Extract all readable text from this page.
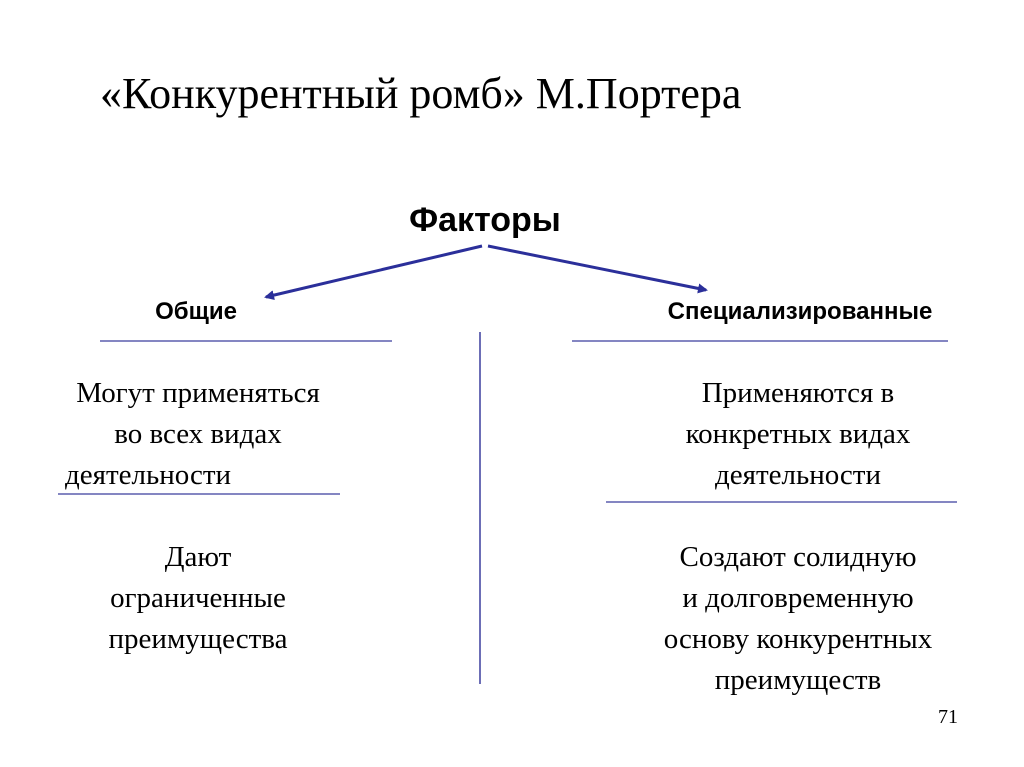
«Конкурентный ромб» М.Портера
Факторы
Общие	Специализированные
Могут применяться
во всех видах
деятельности
Дают
ограниченные
преимущества
Применяются в
конкретных видах
деятельности
Создают солидную
и долговременную
основу конкурентных
преимуществ
71
